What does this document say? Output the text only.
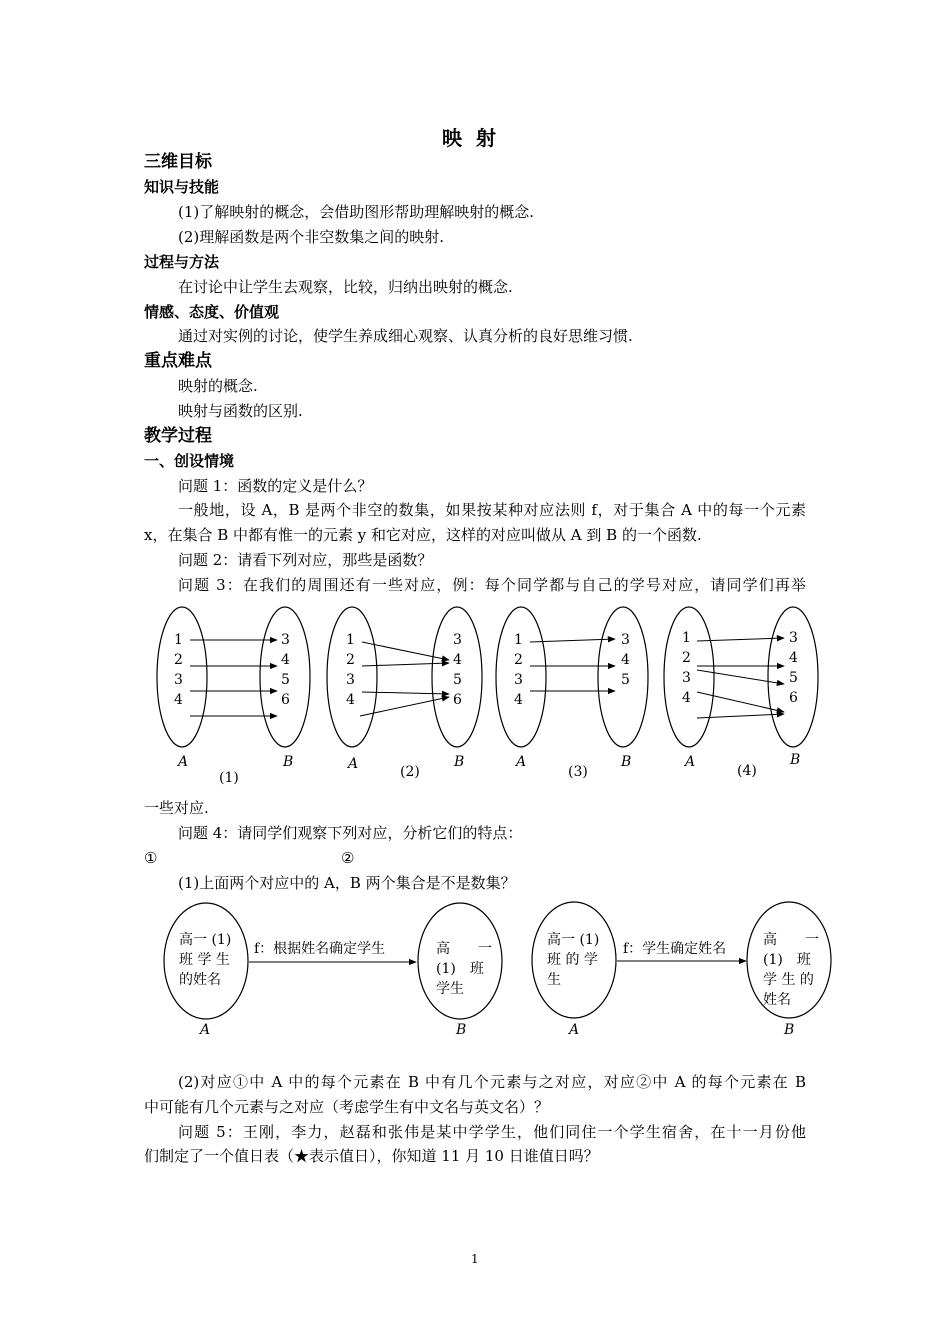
映射
三维目标
知识与技能
(1)了解映射的概念，会借助图形帮助理解映射的概念.
(2)理解函数是两个非空数集之间的映射.
过程与方法
在讨论中让学生去观察，比较，归纳出映射的概念.
情感、态度、价值观
通过对实例的讨论，使学生养成细心观察、认真分析的良好思维习惯.
重点难点
映射的概念.
映射与函数的区别.
教学过程
一、创设情境
问题 1：函数的定义是什么？
一般地，设 A，B 是两个非空的数集，如果按某种对应法则 f，对于集合 A 中的每一个元素
x，在集合 B 中都有惟一的元素 y 和它对应，这样的对应叫做从 A 到 B 的一个函数.
问题 2：请看下列对应，那些是函数？
问题 3：在我们的周围还有一些对应，例：每个同学都与自己的学号对应，请同学们再举
1
2
3
4
3
4
5
6
A	B
(1)
1
2
3
4
3
4
5
6
A	B
(2)
1
2
3
4
3
4
5
A	B
(3)
1
2
3
4
3
4
5
6
A	B
(4)
高一 (1)
班 学 生
的姓名
高　　一
(1)　班
学生
f：根据姓名确定学生
A	B
高一 (1)
班 的 学
生
高　　一
(1)　班
学 生 的
姓名
f：学生确定姓名
A	B
一些对应.
问题 4：请同学们观察下列对应，分析它们的特点：
①	②
(1)上面两个对应中的 A，B 两个集合是不是数集？
(2)对应①中 A 中的每个元素在 B 中有几个元素与之对应，对应②中 A 的每个元素在 B
中可能有几个元素与之对应（考虑学生有中文名与英文名）？
问题 5：王刚，李力，赵磊和张伟是某中学学生，他们同住一个学生宿舍，在十一月份他
们制定了一个值日表（★表示值日），你知道 11 月 10 日谁值日吗？
1
